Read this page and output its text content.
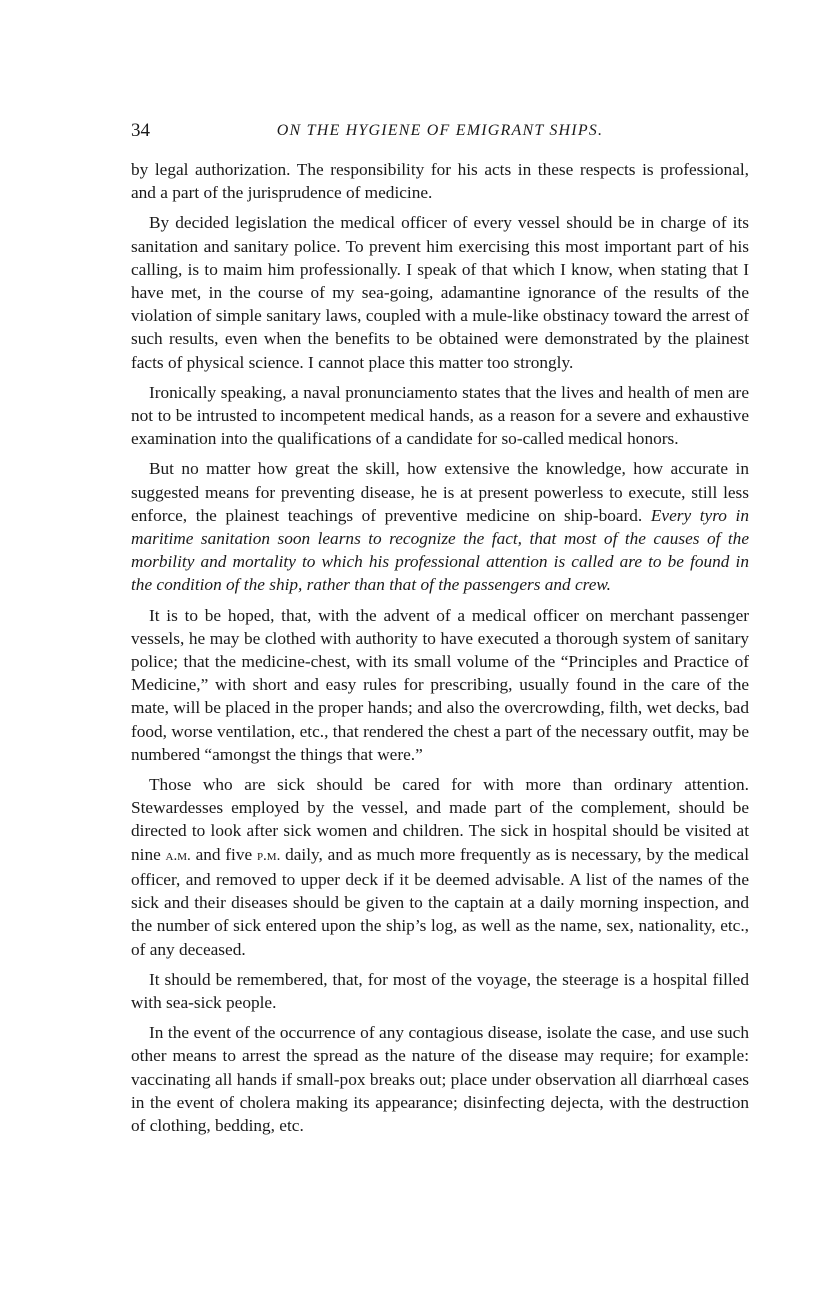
34	ON THE HYGIENE OF EMIGRANT SHIPS.

by legal authorization. The responsibility for his acts in these respects is professional, and a part of the jurisprudence of medicine.

By decided legislation the medical officer of every vessel should be in charge of its sanitation and sanitary police. To prevent him exercising this most important part of his calling, is to maim him professionally. I speak of that which I know, when stating that I have met, in the course of my sea-going, adamantine ignorance of the results of the violation of simple sanitary laws, coupled with a mule-like obstinacy toward the arrest of such results, even when the benefits to be obtained were demonstrated by the plainest facts of physical science. I cannot place this matter too strongly.

Ironically speaking, a naval pronunciamento states that the lives and health of men are not to be intrusted to incompetent medical hands, as a reason for a severe and exhaustive examination into the qualifications of a candidate for so-called medical honors.

But no matter how great the skill, how extensive the knowledge, how accurate in suggested means for preventing disease, he is at present powerless to execute, still less enforce, the plainest teachings of preventive medicine on ship-board. Every tyro in maritime sanitation soon learns to recognize the fact, that most of the causes of the morbility and mortality to which his professional attention is called are to be found in the condition of the ship, rather than that of the passengers and crew.

It is to be hoped, that, with the advent of a medical officer on merchant passenger vessels, he may be clothed with authority to have executed a thorough system of sanitary police; that the medicine-chest, with its small volume of the “Principles and Practice of Medicine,” with short and easy rules for prescribing, usually found in the care of the mate, will be placed in the proper hands; and also the overcrowding, filth, wet decks, bad food, worse ventilation, etc., that rendered the chest a part of the necessary outfit, may be numbered “amongst the things that were.”

Those who are sick should be cared for with more than ordinary attention. Stewardesses employed by the vessel, and made part of the complement, should be directed to look after sick women and children. The sick in hospital should be visited at nine a.m. and five p.m. daily, and as much more frequently as is necessary, by the medical officer, and removed to upper deck if it be deemed advisable. A list of the names of the sick and their diseases should be given to the captain at a daily morning inspection, and the number of sick entered upon the ship’s log, as well as the name, sex, nationality, etc., of any deceased.

It should be remembered, that, for most of the voyage, the steerage is a hospital filled with sea-sick people.

In the event of the occurrence of any contagious disease, isolate the case, and use such other means to arrest the spread as the nature of the disease may require; for example: vaccinating all hands if small-pox breaks out; place under observation all diarrhœal cases in the event of cholera making its appearance; disinfecting dejecta, with the destruction of clothing, bedding, etc.
